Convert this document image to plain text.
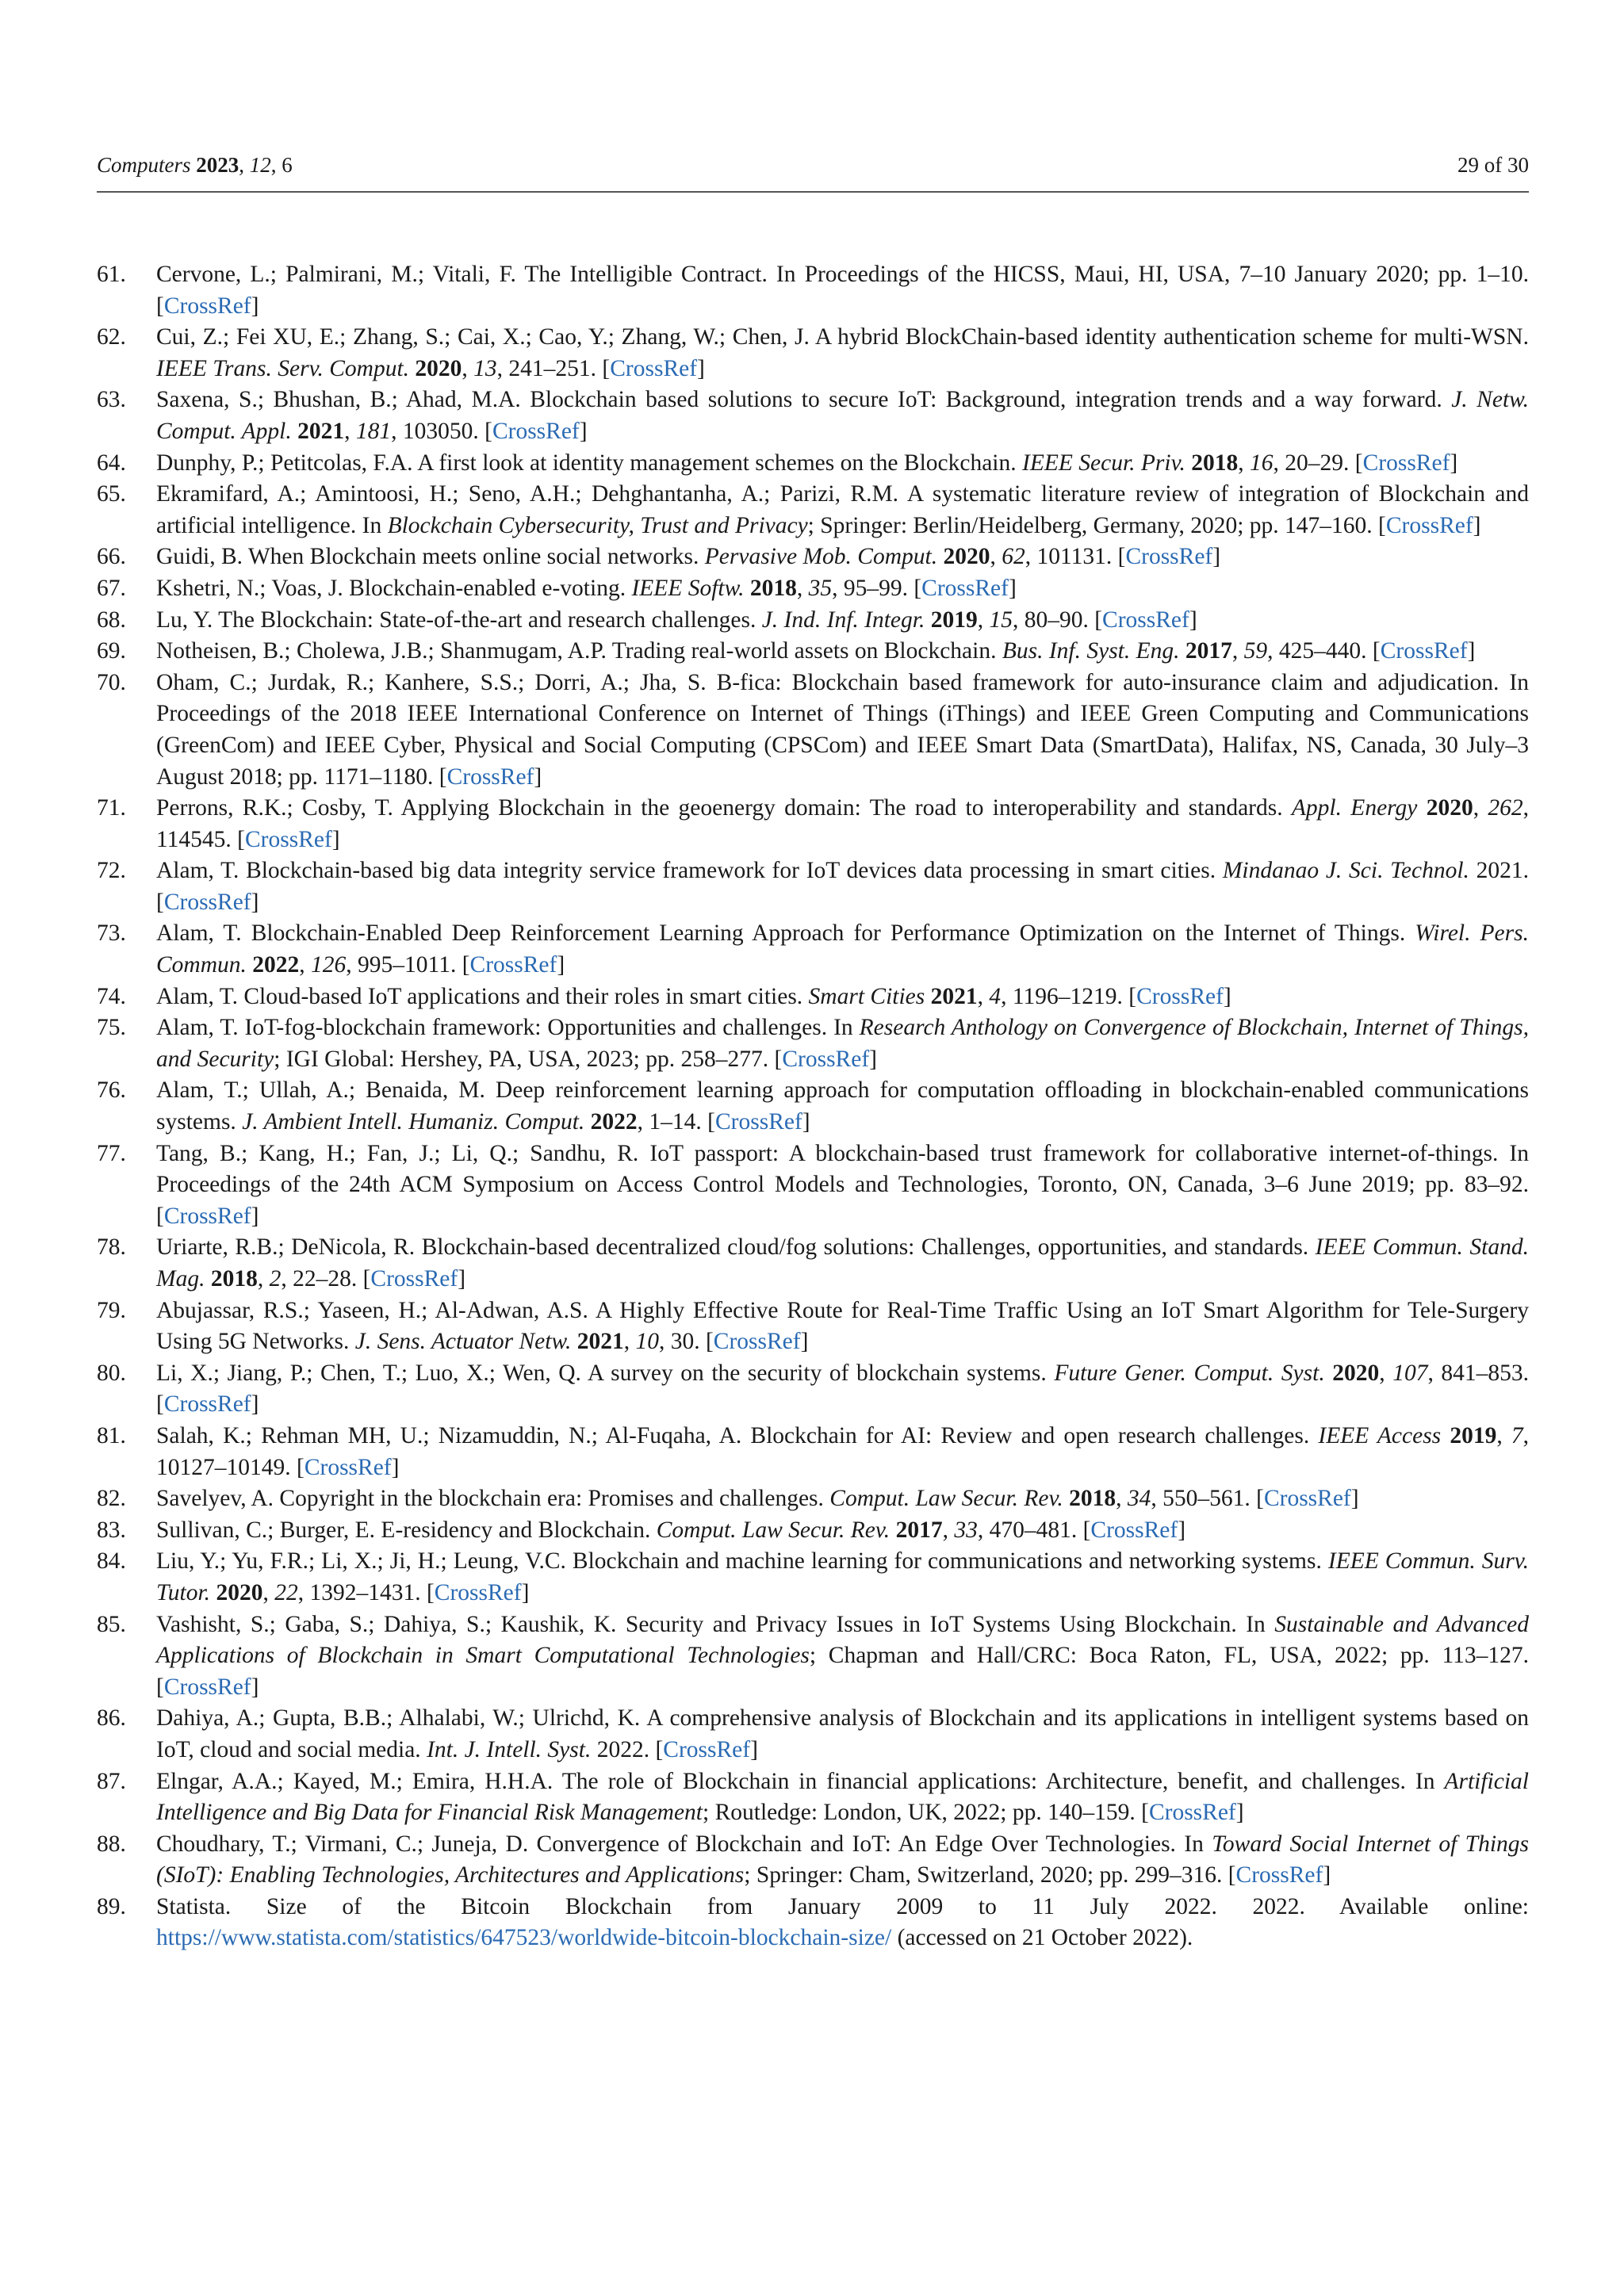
Computers 2023, 12, 6	29 of 30
61. Cervone, L.; Palmirani, M.; Vitali, F. The Intelligible Contract. In Proceedings of the HICSS, Maui, HI, USA, 7–10 January 2020; pp. 1–10. [CrossRef]
62. Cui, Z.; Fei XU, E.; Zhang, S.; Cai, X.; Cao, Y.; Zhang, W.; Chen, J. A hybrid BlockChain-based identity authentication scheme for multi-WSN. IEEE Trans. Serv. Comput. 2020, 13, 241–251. [CrossRef]
63. Saxena, S.; Bhushan, B.; Ahad, M.A. Blockchain based solutions to secure IoT: Background, integration trends and a way forward. J. Netw. Comput. Appl. 2021, 181, 103050. [CrossRef]
64. Dunphy, P.; Petitcolas, F.A. A first look at identity management schemes on the Blockchain. IEEE Secur. Priv. 2018, 16, 20–29. [CrossRef]
65. Ekramifard, A.; Amintoosi, H.; Seno, A.H.; Dehghantanha, A.; Parizi, R.M. A systematic literature review of integration of Blockchain and artificial intelligence. In Blockchain Cybersecurity, Trust and Privacy; Springer: Berlin/Heidelberg, Germany, 2020; pp. 147–160. [CrossRef]
66. Guidi, B. When Blockchain meets online social networks. Pervasive Mob. Comput. 2020, 62, 101131. [CrossRef]
67. Kshetri, N.; Voas, J. Blockchain-enabled e-voting. IEEE Softw. 2018, 35, 95–99. [CrossRef]
68. Lu, Y. The Blockchain: State-of-the-art and research challenges. J. Ind. Inf. Integr. 2019, 15, 80–90. [CrossRef]
69. Notheisen, B.; Cholewa, J.B.; Shanmugam, A.P. Trading real-world assets on Blockchain. Bus. Inf. Syst. Eng. 2017, 59, 425–440. [CrossRef]
70. Oham, C.; Jurdak, R.; Kanhere, S.S.; Dorri, A.; Jha, S. B-fica: Blockchain based framework for auto-insurance claim and adjudication. In Proceedings of the 2018 IEEE International Conference on Internet of Things (iThings) and IEEE Green Computing and Communications (GreenCom) and IEEE Cyber, Physical and Social Computing (CPSCom) and IEEE Smart Data (SmartData), Halifax, NS, Canada, 30 July–3 August 2018; pp. 1171–1180. [CrossRef]
71. Perrons, R.K.; Cosby, T. Applying Blockchain in the geoenergy domain: The road to interoperability and standards. Appl. Energy 2020, 262, 114545. [CrossRef]
72. Alam, T. Blockchain-based big data integrity service framework for IoT devices data processing in smart cities. Mindanao J. Sci. Technol. 2021. [CrossRef]
73. Alam, T. Blockchain-Enabled Deep Reinforcement Learning Approach for Performance Optimization on the Internet of Things. Wirel. Pers. Commun. 2022, 126, 995–1011. [CrossRef]
74. Alam, T. Cloud-based IoT applications and their roles in smart cities. Smart Cities 2021, 4, 1196–1219. [CrossRef]
75. Alam, T. IoT-fog-blockchain framework: Opportunities and challenges. In Research Anthology on Convergence of Blockchain, Internet of Things, and Security; IGI Global: Hershey, PA, USA, 2023; pp. 258–277. [CrossRef]
76. Alam, T.; Ullah, A.; Benaida, M. Deep reinforcement learning approach for computation offloading in blockchain-enabled communications systems. J. Ambient Intell. Humaniz. Comput. 2022, 1–14. [CrossRef]
77. Tang, B.; Kang, H.; Fan, J.; Li, Q.; Sandhu, R. IoT passport: A blockchain-based trust framework for collaborative internet-of-things. In Proceedings of the 24th ACM Symposium on Access Control Models and Technologies, Toronto, ON, Canada, 3–6 June 2019; pp. 83–92. [CrossRef]
78. Uriarte, R.B.; DeNicola, R. Blockchain-based decentralized cloud/fog solutions: Challenges, opportunities, and standards. IEEE Commun. Stand. Mag. 2018, 2, 22–28. [CrossRef]
79. Abujassar, R.S.; Yaseen, H.; Al-Adwan, A.S. A Highly Effective Route for Real-Time Traffic Using an IoT Smart Algorithm for Tele-Surgery Using 5G Networks. J. Sens. Actuator Netw. 2021, 10, 30. [CrossRef]
80. Li, X.; Jiang, P.; Chen, T.; Luo, X.; Wen, Q. A survey on the security of blockchain systems. Future Gener. Comput. Syst. 2020, 107, 841–853. [CrossRef]
81. Salah, K.; Rehman MH, U.; Nizamuddin, N.; Al-Fuqaha, A. Blockchain for AI: Review and open research challenges. IEEE Access 2019, 7, 10127–10149. [CrossRef]
82. Savelyev, A. Copyright in the blockchain era: Promises and challenges. Comput. Law Secur. Rev. 2018, 34, 550–561. [CrossRef]
83. Sullivan, C.; Burger, E. E-residency and Blockchain. Comput. Law Secur. Rev. 2017, 33, 470–481. [CrossRef]
84. Liu, Y.; Yu, F.R.; Li, X.; Ji, H.; Leung, V.C. Blockchain and machine learning for communications and networking systems. IEEE Commun. Surv. Tutor. 2020, 22, 1392–1431. [CrossRef]
85. Vashisht, S.; Gaba, S.; Dahiya, S.; Kaushik, K. Security and Privacy Issues in IoT Systems Using Blockchain. In Sustainable and Advanced Applications of Blockchain in Smart Computational Technologies; Chapman and Hall/CRC: Boca Raton, FL, USA, 2022; pp. 113–127. [CrossRef]
86. Dahiya, A.; Gupta, B.B.; Alhalabi, W.; Ulrichd, K. A comprehensive analysis of Blockchain and its applications in intelligent systems based on IoT, cloud and social media. Int. J. Intell. Syst. 2022. [CrossRef]
87. Elngar, A.A.; Kayed, M.; Emira, H.H.A. The role of Blockchain in financial applications: Architecture, benefit, and challenges. In Artificial Intelligence and Big Data for Financial Risk Management; Routledge: London, UK, 2022; pp. 140–159. [CrossRef]
88. Choudhary, T.; Virmani, C.; Juneja, D. Convergence of Blockchain and IoT: An Edge Over Technologies. In Toward Social Internet of Things (SIoT): Enabling Technologies, Architectures and Applications; Springer: Cham, Switzerland, 2020; pp. 299–316. [CrossRef]
89. Statista. Size of the Bitcoin Blockchain from January 2009 to 11 July 2022. 2022. Available online: https://www.statista.com/statistics/647523/worldwide-bitcoin-blockchain-size/ (accessed on 21 October 2022).
